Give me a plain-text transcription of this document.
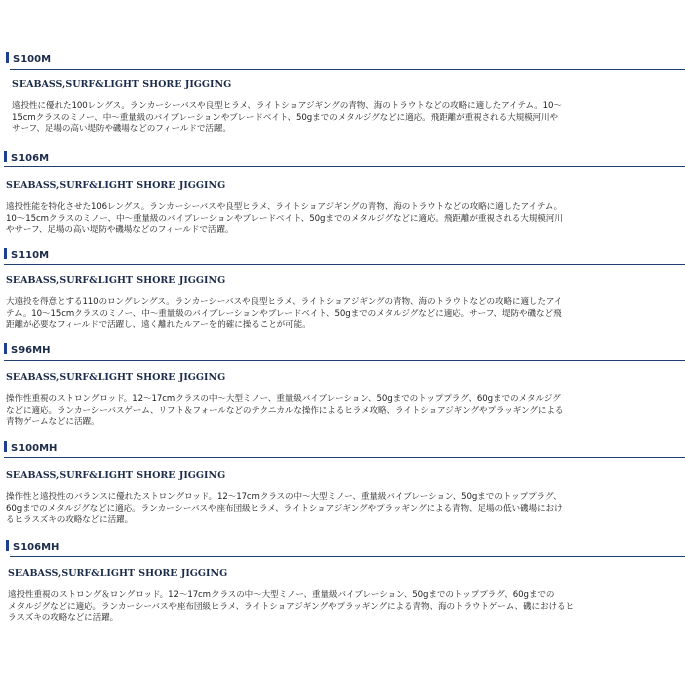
S100M
SEABASS,SURF&LIGHT SHORE JIGGING
遠投性に優れた100レングス。ランカーシーバスや良型ヒラメ、ライトショアジギングの青物、海のトラウトなどの攻略に適したアイテム。10～
15cmクラスのミノー、中～重量級のバイブレーションやブレードベイト、50gまでのメタルジグなどに適応。飛距離が重視される大規模河川や
サーフ、足場の高い堤防や磯場などのフィールドで活躍。
S106M
SEABASS,SURF&LIGHT SHORE JIGGING
遠投性能を特化させた106レングス。ランカーシーバスや良型ヒラメ、ライトショアジギングの青物、海のトラウトなどの攻略に適したアイテム。
10～15cmクラスのミノー、中～重量級のバイブレーションやブレードベイト、50gまでのメタルジグなどに適応。飛距離が重視される大規模河川
やサーフ、足場の高い堤防や磯場などのフィールドで活躍。
S110M
SEABASS,SURF&LIGHT SHORE JIGGING
大遠投を得意とする110のロングレングス。ランカーシーバスや良型ヒラメ、ライトショアジギングの青物、海のトラウトなどの攻略に適したアイ
テム。10～15cmクラスのミノー、中～重量級のバイブレーションやブレードベイト、50gまでのメタルジグなどに適応。サーフ、堤防や磯など飛
距離が必要なフィールドで活躍し、遠く離れたルアーを的確に操ることが可能。
S96MH
SEABASS,SURF&LIGHT SHORE JIGGING
操作性重視のストロングロッド。12～17cmクラスの中～大型ミノー、重量級バイブレーション、50gまでのトッププラグ、60gまでのメタルジグ
などに適応。ランカーシーバスゲーム、リフト＆フォールなどのテクニカルな操作によるヒラメ攻略、ライトショアジギングやプラッギングによる
青物ゲームなどに活躍。
S100MH
SEABASS,SURF&LIGHT SHORE JIGGING
操作性と遠投性のバランスに優れたストロングロッド。12～17cmクラスの中～大型ミノー、重量級バイブレーション、50gまでのトッププラグ、
60gまでのメタルジグなどに適応。ランカーシーバスや座布団級ヒラメ、ライトショアジギングやプラッギングによる青物、足場の低い磯場におけ
るヒラスズキの攻略などに活躍。
S106MH
SEABASS,SURF&LIGHT SHORE JIGGING
遠投性重視のストロング＆ロングロッド。12～17cmクラスの中～大型ミノー、重量級バイブレーション、50gまでのトッププラグ、60gまでの
メタルジグなどに適応。ランカーシーバスや座布団級ヒラメ、ライトショアジギングやプラッギングによる青物、海のトラウトゲーム、磯におけるヒ
ラスズキの攻略などに活躍。
